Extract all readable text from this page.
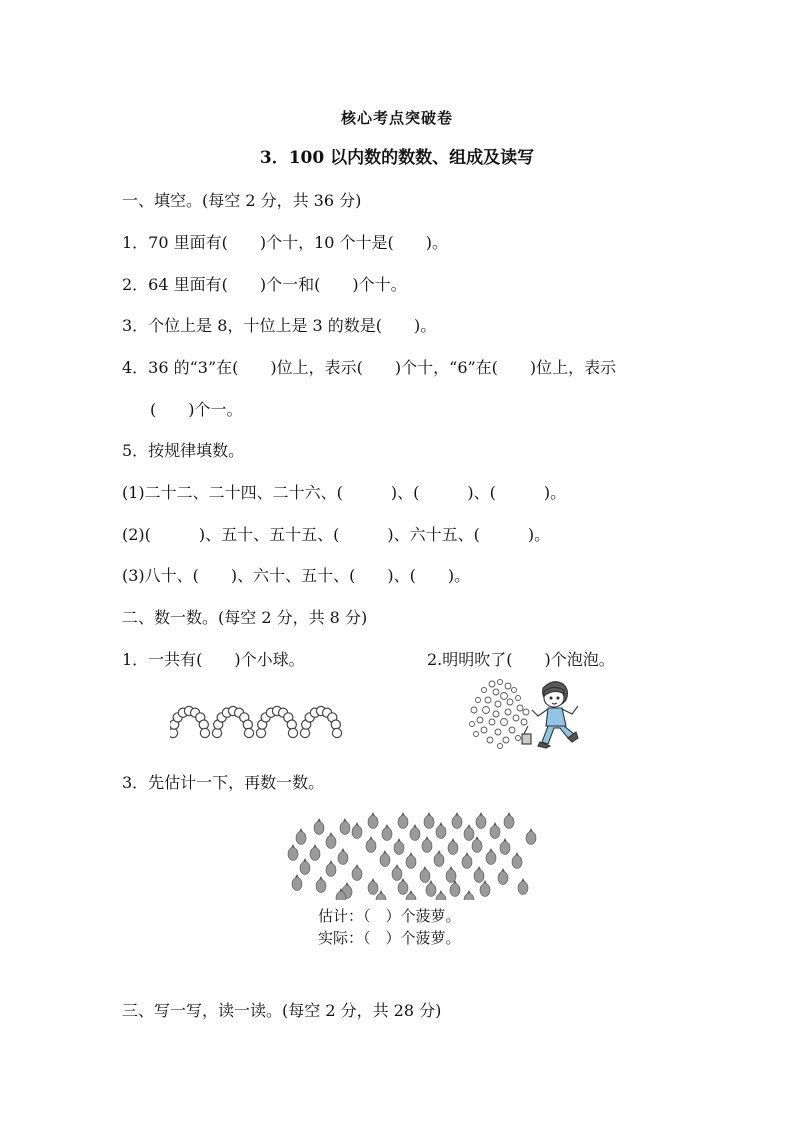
核心考点突破卷
3．100 以内数的数数、组成及读写
一、填空。(每空 2 分，共 36 分)
1．70 里面有(　　)个十，10 个十是(　　)。
2．64 里面有(　　)个一和(　　)个十。
3．个位上是 8，十位上是 3 的数是(　　)。
4．36 的“3”在(　　)位上，表示(　　)个十，“6”在(　　)位上，表示
(　　)个一。
5．按规律填数。
(1)二十二、二十四、二十六、(　　　)、(　　　)、(　　　)。
(2)(　　　)、五十、五十五、(　　　)、六十五、(　　　)。
(3)八十、(　　)、六十、五十、(　　)、(　　)。
二、数一数。(每空 2 分，共 8 分)
1．一共有(　　)个小球。	2.明明吹了(　　)个泡泡。
3．先估计一下，再数一数。
估计：（　）个菠萝。
实际：（　）个菠萝。
三、写一写，读一读。(每空 2 分，共 28 分)
